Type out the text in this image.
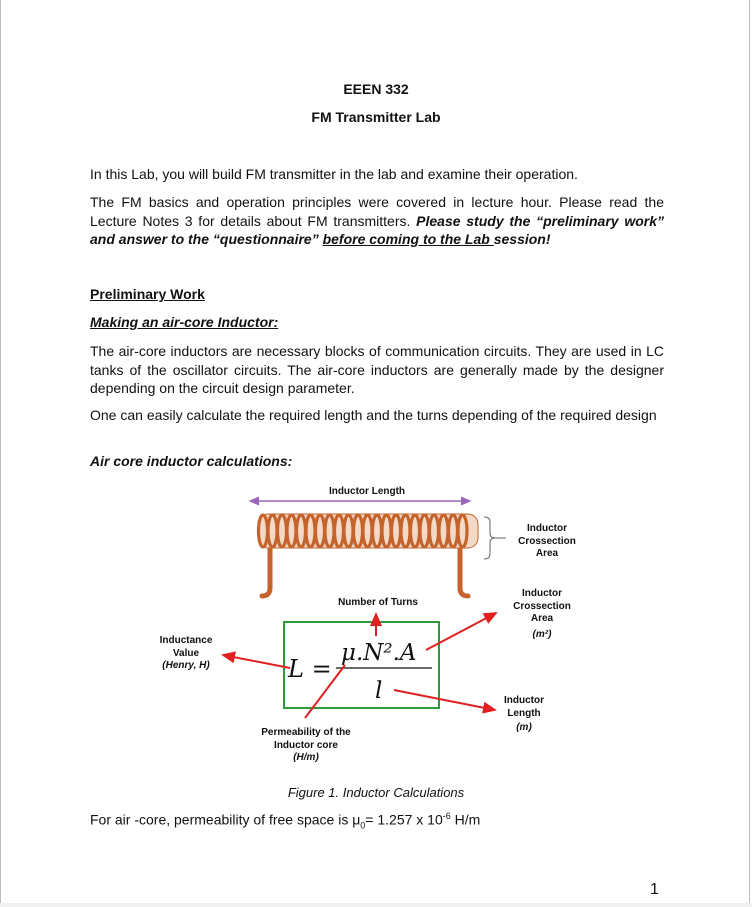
EEEN 332
FM Transmitter Lab
In this Lab, you will build FM transmitter in the lab and examine their operation.
The FM basics and operation principles were covered in lecture hour. Please read the Lecture Notes 3 for details about FM transmitters. Please study the “preliminary work” and answer to the “questionnaire” before coming to the Lab session!
Preliminary Work
Making an air-core Inductor:
The air-core inductors are necessary blocks of communication circuits. They are used in LC tanks of the oscillator circuits. The air-core inductors are generally made by the designer depending on the circuit design parameter.
One can easily calculate the required length and the turns depending of the required design
Air core inductor calculations:
L =
μ.N².A
l
Inductor Length
Inductor
Crossection
Area
Inductor
Crossection
Area
(m²)
Number of Turns
Inductance
Value
(Henry, H)
Inductor
Length
(m)
Permeability of the
Inductor core
(H/m)
Figure 1. Inductor Calculations
For air -core, permeability of free space is $\mu_0= 1.257$ x $10^{-6}$ H/m
1
